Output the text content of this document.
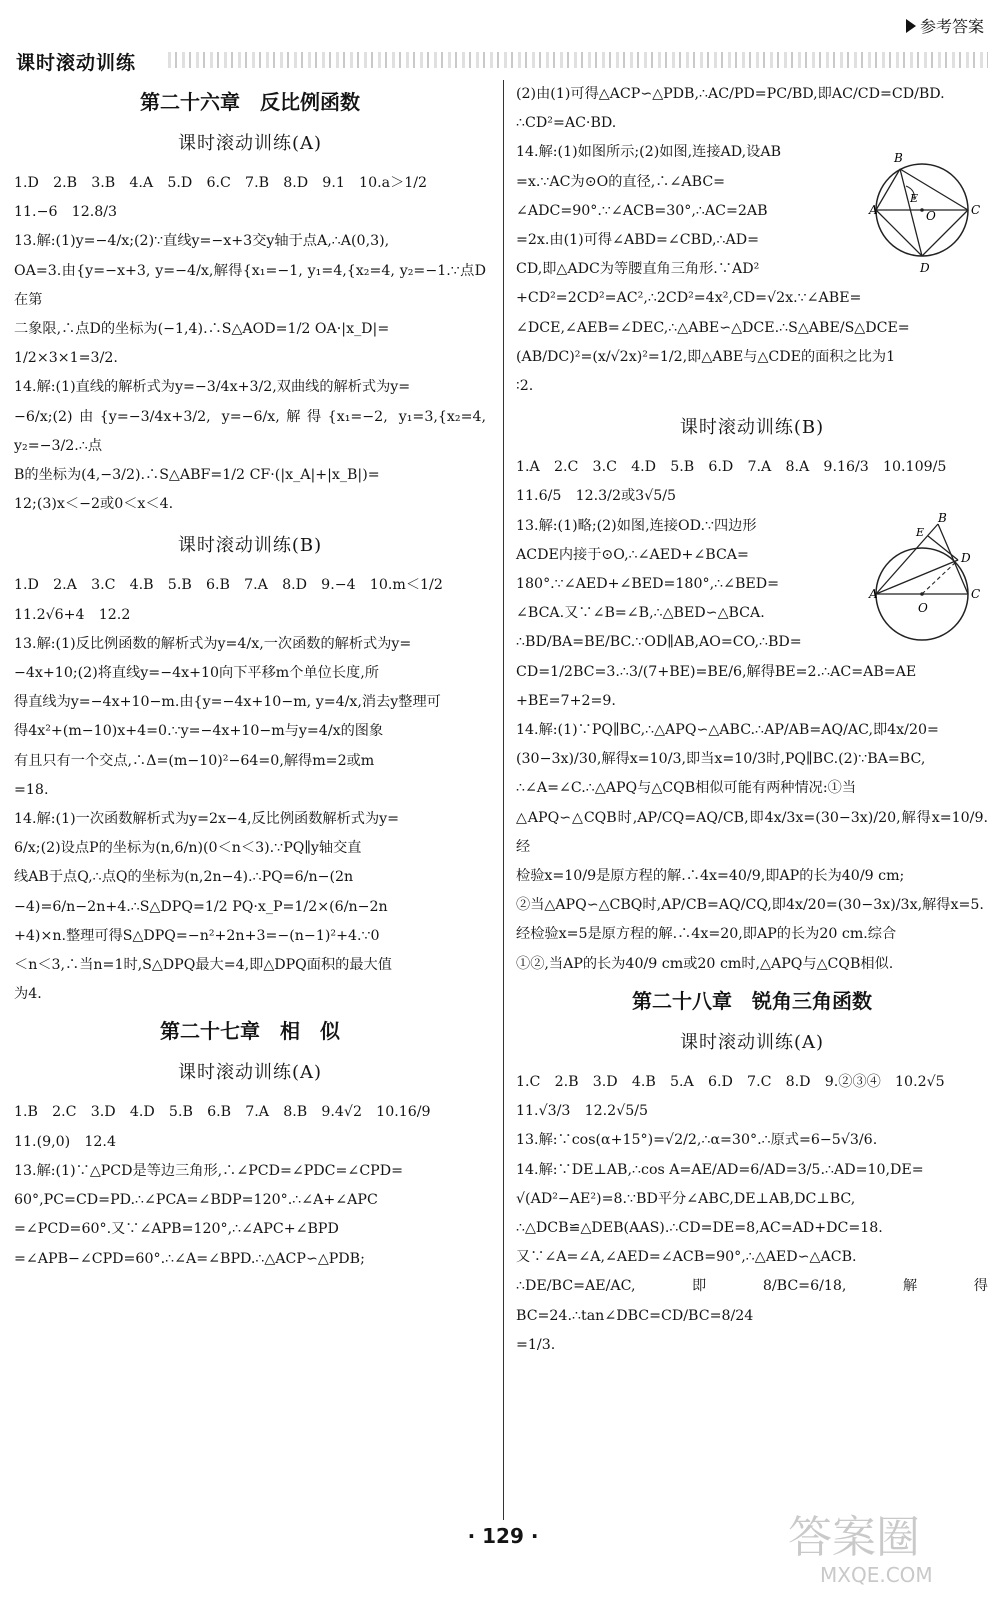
课时滚动训练
参考答案
第二十六章　反比例函数
课时滚动训练(A)
1.D　2.B　3.B　4.A　5.D　6.C　7.B　8.D　9.1　10.a＞1/2
11.−6　12.8/3
13.解:(1)y=−4/x;(2)∵直线y=−x+3交y轴于点A,∴A(0,3),
OA=3.由{y=−x+3, y=−4/x,解得{x₁=−1, y₁=4,{x₂=4, y₂=−1.∵点D在第
二象限,∴点D的坐标为(−1,4).∴S△AOD=1/2 OA·|x_D|=
1/2×3×1=3/2.
14.解:(1)直线的解析式为y=−3/4x+3/2,双曲线的解析式为y=
−6/x;(2)由{y=−3/4x+3/2, y=−6/x,解得{x₁=−2, y₁=3,{x₂=4, y₂=−3/2.∴点
B的坐标为(4,−3/2).∴S△ABF=1/2 CF·(|x_A|+|x_B|)=
12;(3)x＜−2或0＜x＜4.
课时滚动训练(B)
1.D　2.A　3.C　4.B　5.B　6.B　7.A　8.D　9.−4　10.m＜1/2
11.2√6+4　12.2
13.解:(1)反比例函数的解析式为y=4/x,一次函数的解析式为y=
−4x+10;(2)将直线y=−4x+10向下平移m个单位长度,所
得直线为y=−4x+10−m.由{y=−4x+10−m, y=4/x,消去y整理可
得4x²+(m−10)x+4=0.∵y=−4x+10−m与y=4/x的图象
有且只有一个交点,∴Δ=(m−10)²−64=0,解得m=2或m
=18.
14.解:(1)一次函数解析式为y=2x−4,反比例函数解析式为y=
6/x;(2)设点P的坐标为(n,6/n)(0＜n＜3).∵PQ∥y轴交直
线AB于点Q,∴点Q的坐标为(n,2n−4).∴PQ=6/n−(2n
−4)=6/n−2n+4.∴S△DPQ=1/2 PQ·x_P=1/2×(6/n−2n
+4)×n.整理可得S△DPQ=−n²+2n+3=−(n−1)²+4.∵0
＜n＜3,∴当n=1时,S△DPQ最大=4,即△DPQ面积的最大值
为4.
第二十七章　相　似
课时滚动训练(A)
1.B　2.C　3.D　4.D　5.B　6.B　7.A　8.B　9.4√2　10.16/9
11.(9,0)　12.4
13.解:(1)∵△PCD是等边三角形,∴∠PCD=∠PDC=∠CPD=
60°,PC=CD=PD.∴∠PCA=∠BDP=120°.∴∠A+∠APC
=∠PCD=60°.又∵∠APB=120°,∴∠APC+∠BPD
=∠APB−∠CPD=60°.∴∠A=∠BPD.∴△ACP∽△PDB;
(2)由(1)可得△ACP∽△PDB,∴AC/PD=PC/BD,即AC/CD=CD/BD.
∴CD²=AC·BD.
B
A	C
D
E
O
14.解:(1)如图所示;(2)如图,连接AD,设AB
=x.∵AC为⊙O的直径,∴∠ABC=
∠ADC=90°.∵∠ACB=30°,∴AC=2AB
=2x.由(1)可得∠ABD=∠CBD,∴AD=
CD,即△ADC为等腰直角三角形.∵AD²
+CD²=2CD²=AC²,∴2CD²=4x²,CD=√2x.∵∠ABE=
∠DCE,∠AEB=∠DEC,∴△ABE∽△DCE.∴S△ABE/S△DCE=
(AB/DC)²=(x/√2x)²=1/2,即△ABE与△CDE的面积之比为1
∶2.
课时滚动训练(B)
1.A　2.C　3.C　4.D　5.B　6.D　7.A　8.A　9.16/3　10.109/5
11.6/5　12.3/2或3√5/5
B
E
D
A	C
O
13.解:(1)略;(2)如图,连接OD.∵四边形
ACDE内接于⊙O,∴∠AED+∠BCA=
180°.∵∠AED+∠BED=180°,∴∠BED=
∠BCA.又∵∠B=∠B,∴△BED∽△BCA.
∴BD/BA=BE/BC.∵OD∥AB,AO=CO,∴BD=
CD=1/2BC=3.∴3/(7+BE)=BE/6,解得BE=2.∴AC=AB=AE
+BE=7+2=9.
14.解:(1)∵PQ∥BC,∴△APQ∽△ABC.∴AP/AB=AQ/AC,即4x/20=
(30−3x)/30,解得x=10/3,即当x=10/3时,PQ∥BC.(2)∵BA=BC,
∴∠A=∠C.∴△APQ与△CQB相似可能有两种情况:①当
△APQ∽△CQB时,AP/CQ=AQ/CB,即4x/3x=(30−3x)/20,解得x=10/9.经
检验x=10/9是原方程的解.∴4x=40/9,即AP的长为40/9 cm;
②当△APQ∽△CBQ时,AP/CB=AQ/CQ,即4x/20=(30−3x)/3x,解得x=5.
经检验x=5是原方程的解.∴4x=20,即AP的长为20 cm.综合
①②,当AP的长为40/9 cm或20 cm时,△APQ与△CQB相似.
第二十八章　锐角三角函数
课时滚动训练(A)
1.C　2.B　3.D　4.B　5.A　6.D　7.C　8.D　9.②③④　10.2√5
11.√3/3　12.2√5/5
13.解:∵cos(α+15°)=√2/2,∴α=30°.∴原式=6−5√3/6.
14.解:∵DE⊥AB,∴cos A=AE/AD=6/AD=3/5.∴AD=10,DE=
√(AD²−AE²)=8.∵BD平分∠ABC,DE⊥AB,DC⊥BC,
∴△DCB≌△DEB(AAS).∴CD=DE=8,AC=AD+DC=18.
又∵∠A=∠A,∠AED=∠ACB=90°,∴△AED∽△ACB.
∴DE/BC=AE/AC,即8/BC=6/18,解得BC=24.∴tan∠DBC=CD/BC=8/24
=1/3.
· 129 ·	答案圈
MXQE.COM
